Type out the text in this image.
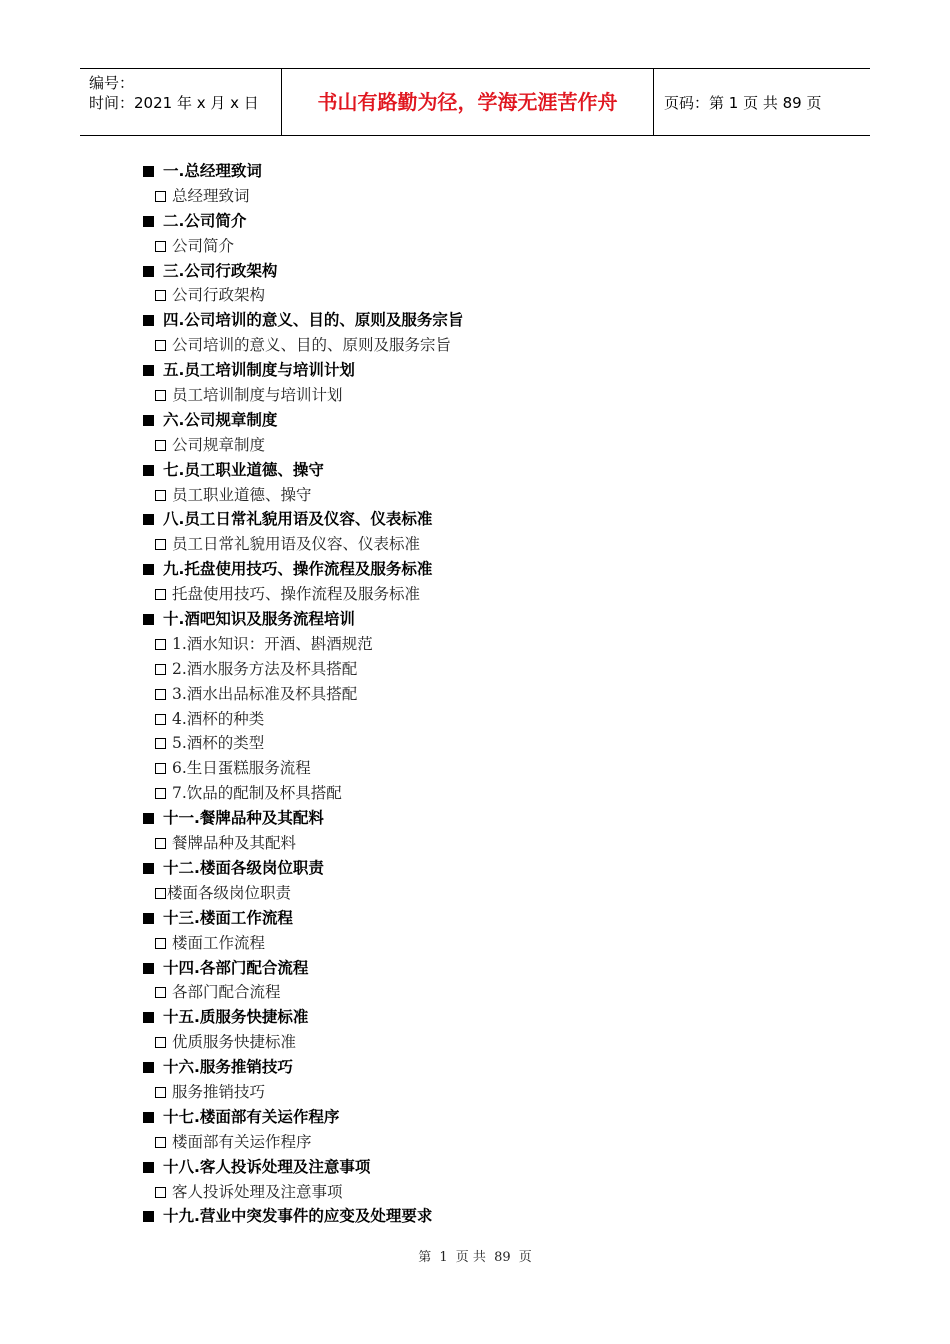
编号：
时间：2021 年 x 月 x 日	书山有路勤为径，学海无涯苦作舟	页码：第 1 页 共 89 页
一.总经理致词
总经理致词
二.公司简介
公司简介
三.公司行政架构
公司行政架构
四.公司培训的意义、目的、原则及服务宗旨
公司培训的意义、目的、原则及服务宗旨
五.员工培训制度与培训计划
员工培训制度与培训计划
六.公司规章制度
公司规章制度
七.员工职业道德、操守
员工职业道德、操守
八.员工日常礼貌用语及仪容、仪表标准
员工日常礼貌用语及仪容、仪表标准
九.托盘使用技巧、操作流程及服务标准
托盘使用技巧、操作流程及服务标准
十.酒吧知识及服务流程培训
1.酒水知识：开酒、斟酒规范
2.酒水服务方法及杯具搭配
3.酒水出品标准及杯具搭配
4.酒杯的种类
5.酒杯的类型
6.生日蛋糕服务流程
7.饮品的配制及杯具搭配
十一.餐牌品种及其配料
餐牌品种及其配料
十二.楼面各级岗位职责
楼面各级岗位职责
十三.楼面工作流程
楼面工作流程
十四.各部门配合流程
各部门配合流程
十五.质服务快捷标准
优质服务快捷标准
十六.服务推销技巧
服务推销技巧
十七.楼面部有关运作程序
楼面部有关运作程序
十八.客人投诉处理及注意事项
客人投诉处理及注意事项
十九.营业中突发事件的应变及处理要求
第 1 页 共 89 页
